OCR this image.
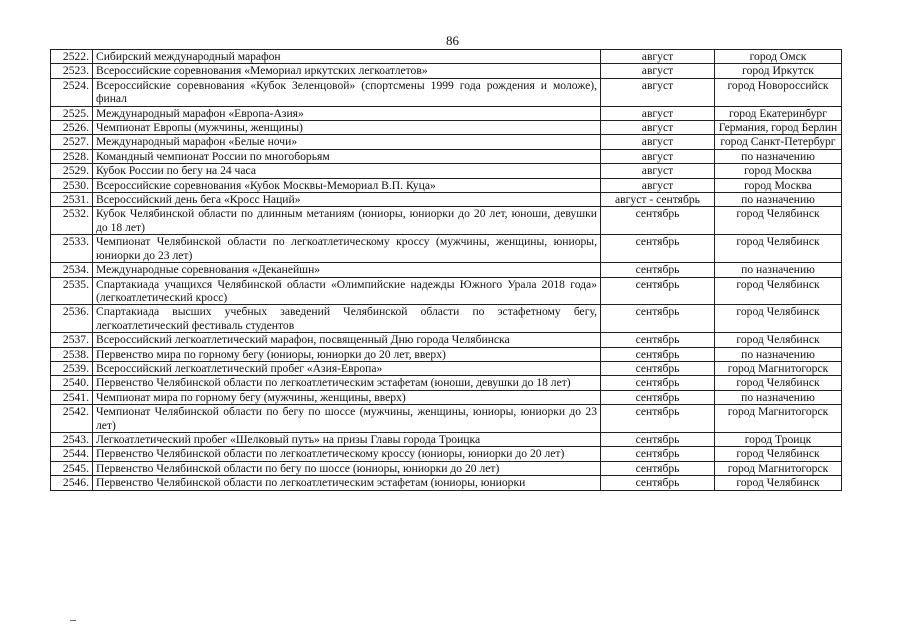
86
2522.	Сибирский международный марафон	август	город Омск
2523.	Всероссийские соревнования «Мемориал иркутских легкоатлетов»	август	город Иркутск
2524.	Всероссийские соревнования «Кубок Зеленцовой» (спортсмены 1999 года рождения и моложе), финал	август	город Новороссийск
2525.	Международный марафон «Европа-Азия»	август	город Екатеринбург
2526.	Чемпионат Европы (мужчины, женщины)	август	Германия, город Берлин
2527.	Международный марафон «Белые ночи»	август	город Санкт-Петербург
2528.	Командный чемпионат России по многоборьям	август	по назначению
2529.	Кубок России по бегу на 24 часа	август	город Москва
2530.	Всероссийские соревнования «Кубок Москвы-Мемориал В.П. Куца»	август	город Москва
2531.	Всероссийский день бега «Кросс Наций»	август - сентябрь	по назначению
2532.	Кубок Челябинской области по длинным метаниям (юниоры, юниорки до 20 лет, юноши, девушки до 18 лет)	сентябрь	город Челябинск
2533.	Чемпионат Челябинской области по легкоатлетическому кроссу (мужчины, женщины, юниоры, юниорки до 23 лет)	сентябрь	город Челябинск
2534.	Международные соревнования «Деканейшн»	сентябрь	по назначению
2535.	Спартакиада учащихся Челябинской области «Олимпийские надежды Южного Урала 2018 года» (легкоатлетический кросс)	сентябрь	город Челябинск
2536.	Спартакиада высших учебных заведений Челябинской области по эстафетному бегу, легкоатлетический фестиваль студентов	сентябрь	город Челябинск
2537.	Всероссийский легкоатлетический марафон, посвященный Дню города Челябинска	сентябрь	город Челябинск
2538.	Первенство мира по горному бегу (юниоры, юниорки до 20 лет, вверх)	сентябрь	по назначению
2539.	Всероссийский легкоатлетический пробег «Азия-Европа»	сентябрь	город Магнитогорск
2540.	Первенство Челябинской области по легкоатлетическим эстафетам (юноши, девушки до 18 лет)	сентябрь	город Челябинск
2541.	Чемпионат мира по горному бегу (мужчины, женщины, вверх)	сентябрь	по назначению
2542.	Чемпионат Челябинской области по бегу по шоссе (мужчины, женщины, юниоры, юниорки до 23 лет)	сентябрь	город Магнитогорск
2543.	Легкоатлетический пробег «Шелковый путь» на призы Главы города Троицка	сентябрь	город Троицк
2544.	Первенство Челябинской области по легкоатлетическому кроссу (юниоры, юниорки до 20 лет)	сентябрь	город Челябинск
2545.	Первенство Челябинской области по бегу по шоссе (юниоры, юниорки до 20 лет)	сентябрь	город Магнитогорск
2546.	Первенство Челябинской области по легкоатлетическим эстафетам (юниоры, юниорки	сентябрь	город Челябинск
